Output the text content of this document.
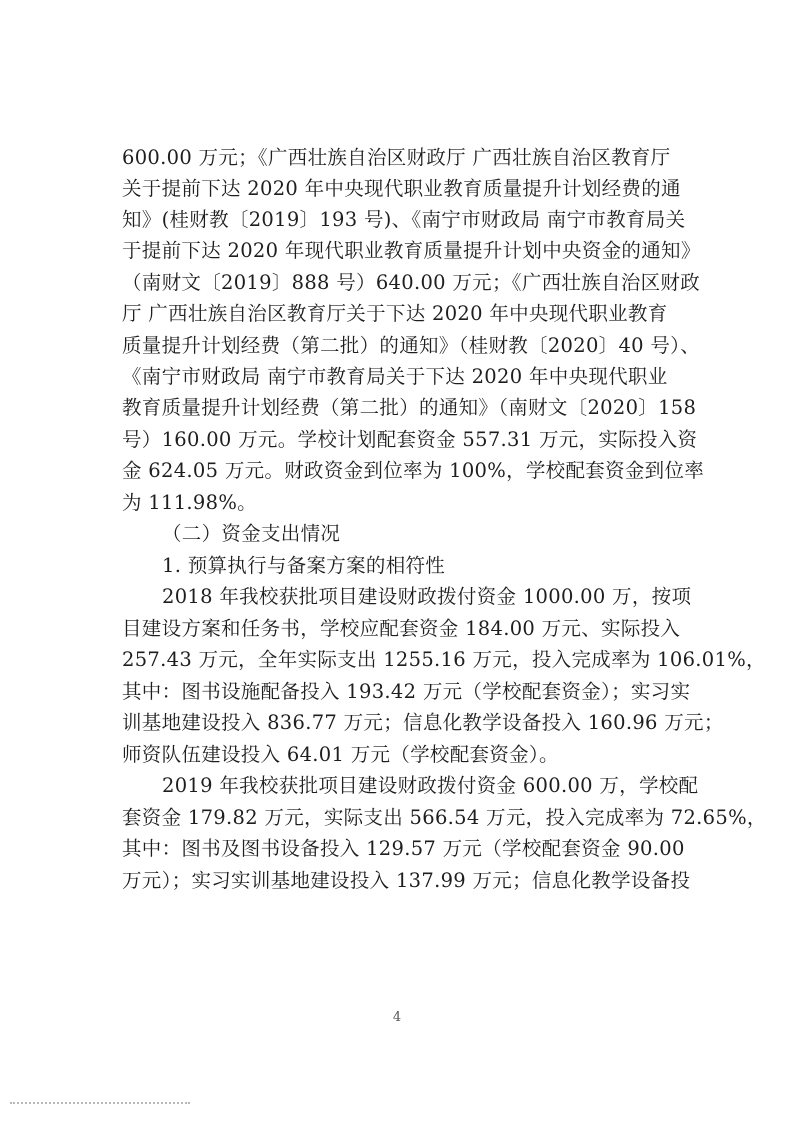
600.00 万元；《广西壮族自治区财政厅 广西壮族自治区教育厅
关于提前下达 2020 年中央现代职业教育质量提升计划经费的通
知》(桂财教〔2019〕193 号)、《南宁市财政局 南宁市教育局关
于提前下达 2020 年现代职业教育质量提升计划中央资金的通知》
（南财文〔2019〕888 号）640.00 万元；《广西壮族自治区财政
厅 广西壮族自治区教育厅关于下达 2020 年中央现代职业教育
质量提升计划经费（第二批）的通知》（桂财教〔2020〕40 号）、
《南宁市财政局 南宁市教育局关于下达 2020 年中央现代职业
教育质量提升计划经费（第二批）的通知》（南财文〔2020〕158
号）160.00 万元。学校计划配套资金 557.31 万元，实际投入资
金 624.05 万元。财政资金到位率为 100%，学校配套资金到位率
为 111.98%。
（二）资金支出情况
1. 预算执行与备案方案的相符性
2018 年我校获批项目建设财政拨付资金 1000.00 万，按项
目建设方案和任务书，学校应配套资金 184.00 万元、实际投入
257.43 万元，全年实际支出 1255.16 万元，投入完成率为 106.01%，
其中：图书设施配备投入 193.42 万元（学校配套资金）；实习实
训基地建设投入 836.77 万元；信息化教学设备投入 160.96 万元；
师资队伍建设投入 64.01 万元（学校配套资金）。
2019 年我校获批项目建设财政拨付资金 600.00 万，学校配
套资金 179.82 万元，实际支出 566.54 万元，投入完成率为 72.65%，
其中：图书及图书设备投入 129.57 万元（学校配套资金 90.00
万元）；实习实训基地建设投入 137.99 万元；信息化教学设备投
4
